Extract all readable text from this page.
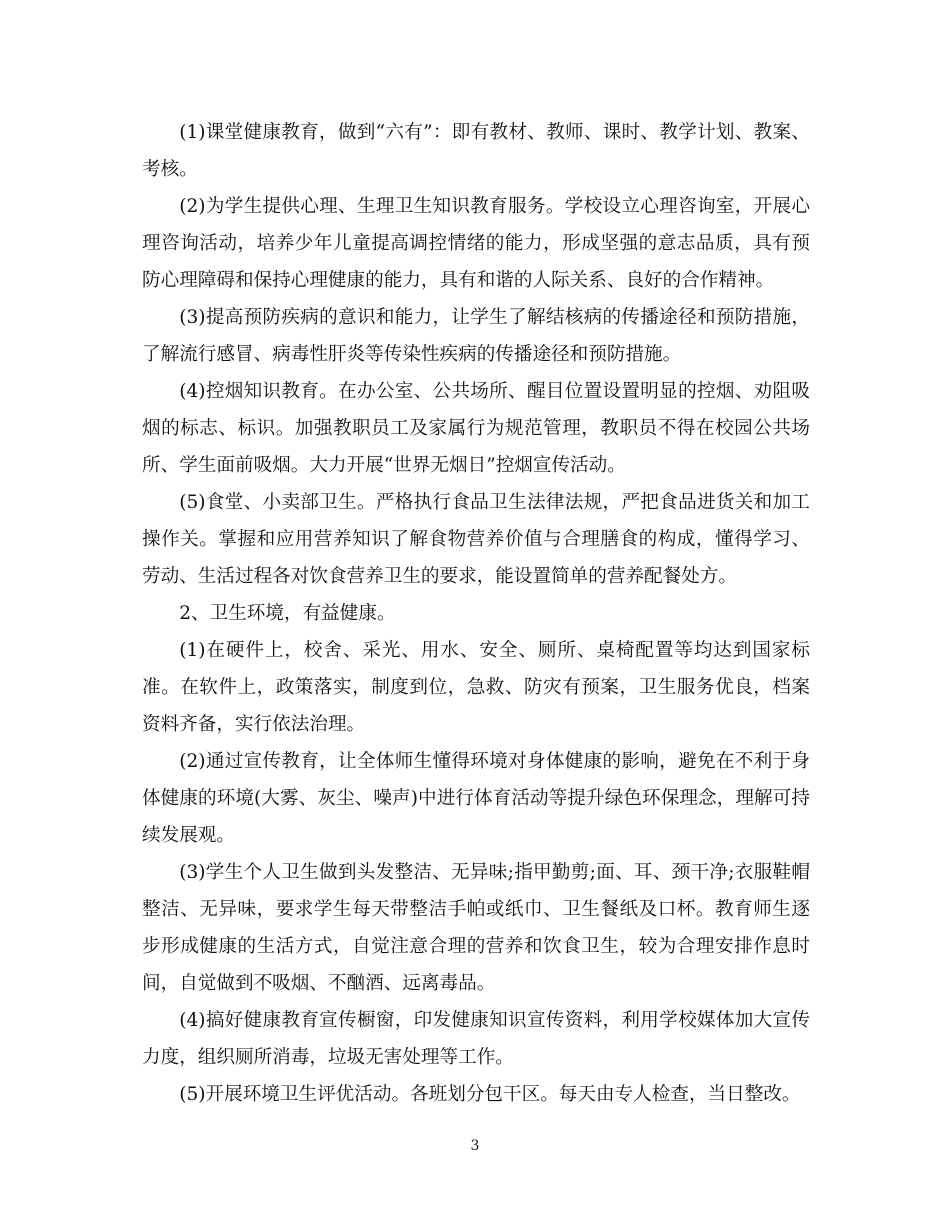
(1)课堂健康教育，做到“六有”：即有教材、教师、课时、教学计划、教案、考核。

(2)为学生提供心理、生理卫生知识教育服务。学校设立心理咨询室，开展心理咨询活动，培养少年儿童提高调控情绪的能力，形成坚强的意志品质，具有预防心理障碍和保持心理健康的能力，具有和谐的人际关系、良好的合作精神。

(3)提高预防疾病的意识和能力，让学生了解结核病的传播途径和预防措施，了解流行感冒、病毒性肝炎等传染性疾病的传播途径和预防措施。

(4)控烟知识教育。在办公室、公共场所、醒目位置设置明显的控烟、劝阻吸烟的标志、标识。加强教职员工及家属行为规范管理，教职员不得在校园公共场所、学生面前吸烟。大力开展“世界无烟日”控烟宣传活动。

(5)食堂、小卖部卫生。严格执行食品卫生法律法规，严把食品进货关和加工操作关。掌握和应用营养知识了解食物营养价值与合理膳食的构成，懂得学习、劳动、生活过程各对饮食营养卫生的要求，能设置简单的营养配餐处方。

2、卫生环境，有益健康。

(1)在硬件上，校舍、采光、用水、安全、厕所、桌椅配置等均达到国家标准。在软件上，政策落实，制度到位，急救、防灾有预案，卫生服务优良，档案资料齐备，实行依法治理。

(2)通过宣传教育，让全体师生懂得环境对身体健康的影响，避免在不利于身体健康的环境(大雾、灰尘、噪声)中进行体育活动等提升绿色环保理念，理解可持续发展观。

(3)学生个人卫生做到头发整洁、无异味;指甲勤剪;面、耳、颈干净;衣服鞋帽整洁、无异味，要求学生每天带整洁手帕或纸巾、卫生餐纸及口杯。教育师生逐步形成健康的生活方式，自觉注意合理的营养和饮食卫生，较为合理安排作息时间，自觉做到不吸烟、不酗酒、远离毒品。

(4)搞好健康教育宣传橱窗，印发健康知识宣传资料，利用学校媒体加大宣传力度，组织厕所消毒，垃圾无害处理等工作。

(5)开展环境卫生评优活动。各班划分包干区。每天由专人检查，当日整改。

3
